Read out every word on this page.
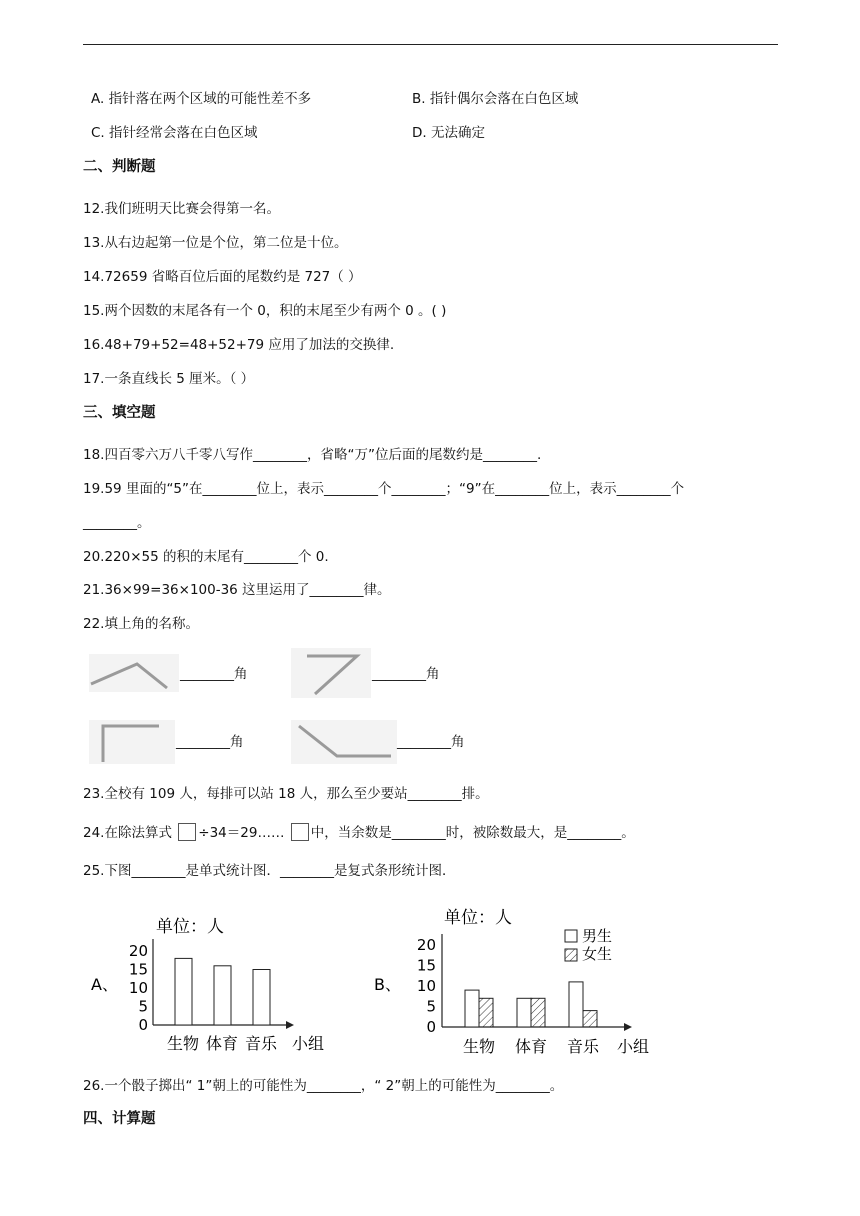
A. 指针落在两个区域的可能性差不多	B. 指针偶尔会落在白色区域
C. 指针经常会落在白色区域	D. 无法确定
二、判断题
12.我们班明天比赛会得第一名。
13.从右边起第一位是个位，第二位是十位。
14.72659 省略百位后面的尾数约是 727（ ）
15.两个因数的末尾各有一个 0，积的末尾至少有两个 0 。( )
16.48+79+52=48+52+79 应用了加法的交换律.
17.一条直线长 5 厘米。（ ）
三、填空题
18.四百零六万八千零八写作________，省略“万”位后面的尾数约是________.
19.59 里面的“5”在________位上，表示________个________；“9”在________位上，表示________个
________。
20.220×55 的积的末尾有________个 0.
21.36×99=36×100-36 这里运用了________律。
22.填上角的名称。
________角	________角
________角	________角
23.全校有 109 人，每排可以站 18 人，那么至少要站________排。
24.在除法算式 ÷34＝29…… 中，当余数是________时，被除数最大，是________。
25.下图________是单式统计图．________是复式条形统计图．
单位：人
A、
小组
0
5
10
15
20
生物 体育 音乐
单位：人
B、
小组
男生
女生
0
5
10
15
20
生物 体育 音乐
26.一个骰子掷出“ 1”朝上的可能性为________，“ 2”朝上的可能性为________。
四、计算题
